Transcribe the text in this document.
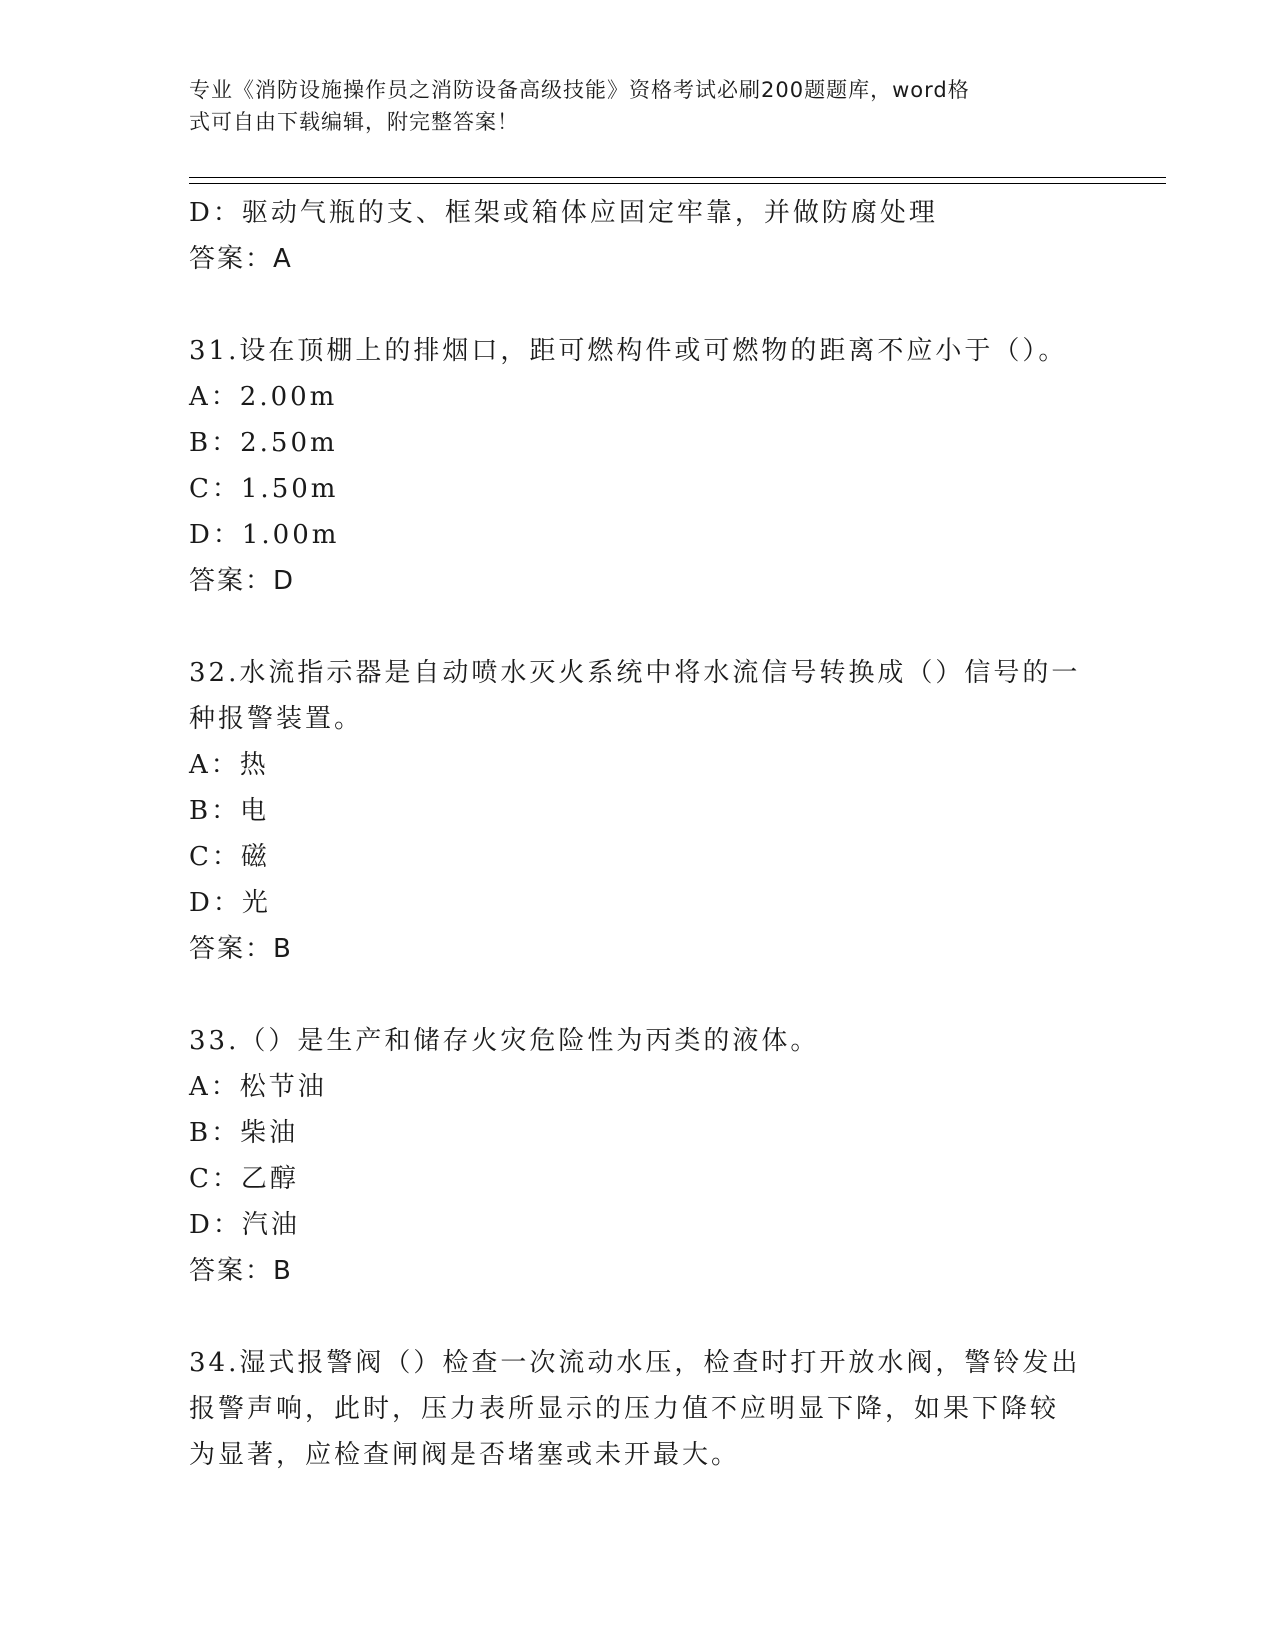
专业《消防设施操作员之消防设备高级技能》资格考试必刷200题题库，word格
式可自由下载编辑，附完整答案！
D：驱动气瓶的支、框架或箱体应固定牢靠，并做防腐处理
答案：A
31.设在顶棚上的排烟口，距可燃构件或可燃物的距离不应小于（）。
A：2.00m
B：2.50m
C：1.50m
D：1.00m
答案：D
32.水流指示器是自动喷水灭火系统中将水流信号转换成（）信号的一
种报警装置。
A：热
B：电
C：磁
D：光
答案：B
33.（）是生产和储存火灾危险性为丙类的液体。
A：松节油
B：柴油
C：乙醇
D：汽油
答案：B
34.湿式报警阀（）检查一次流动水压，检查时打开放水阀，警铃发出
报警声响，此时，压力表所显示的压力值不应明显下降，如果下降较
为显著，应检查闸阀是否堵塞或未开最大。
